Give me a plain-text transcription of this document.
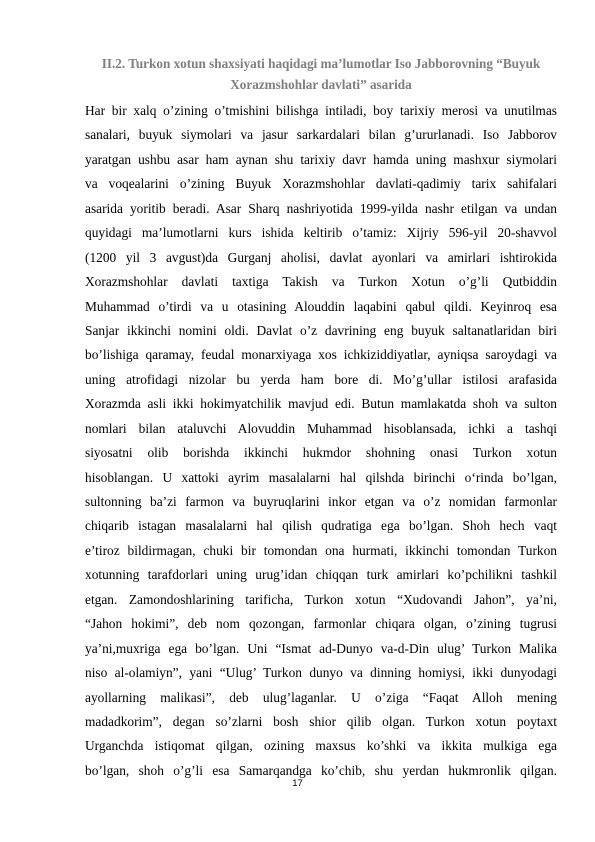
II.2. Turkon xotun shaxsiyati haqidagi ma’lumotlar Iso Jabborovning “Buyuk
Xorazmshohlar davlati” asarida
Har bir xalq o’zining o’tmishini bilishga intiladi, boy tarixiy merosi va unutilmas
sanalari, buyuk siymolari va jasur sarkardalari bilan g’ururlanadi. Iso Jabborov
yaratgan ushbu asar ham aynan shu tarixiy davr hamda uning mashxur siymolari
va voqealarini o’zining Buyuk Xorazmshohlar davlati-qadimiy tarix sahifalari
asarida yoritib beradi. Asar Sharq nashriyotida 1999-yilda nashr etilgan va undan
quyidagi ma’lumotlarni kurs ishida keltirib o’tamiz: Xijriy 596-yil 20-shavvol
(1200 yil 3 avgust)da Gurganj aholisi, davlat ayonlari va amirlari ishtirokida
Xorazmshohlar davlati taxtiga Takish va Turkon Xotun o’g’li Qutbiddin
Muhammad o’tirdi va u otasining Alouddin laqabini qabul qildi. Keyinroq esa
Sanjar ikkinchi nomini oldi. Davlat o’z davrining eng buyuk saltanatlaridan biri
bo’lishiga qaramay, feudal monarxiyaga xos ichkiziddiyatlar, ayniqsa saroydagi va
uning atrofidagi nizolar bu yerda ham bore di. Mo’g’ullar istilosi arafasida
Xorazmda asli ikki hokimyatchilik mavjud edi. Butun mamlakatda shoh va sulton
nomlari bilan ataluvchi Alovuddin Muhammad hisoblansada, ichki a tashqi
siyosatni olib borishda ikkinchi hukmdor shohning onasi Turkon xotun
hisoblangan. U xattoki ayrim masalalarni hal qilshda birinchi o‘rinda bo’lgan,
sultonning ba’zi farmon va buyruqlarini inkor etgan va o’z nomidan farmonlar
chiqarib istagan masalalarni hal qilish qudratiga ega bo’lgan. Shoh hech vaqt
e’tiroz bildirmagan, chuki bir tomondan ona hurmati, ikkinchi tomondan Turkon
xotunning tarafdorlari uning urug’idan chiqqan turk amirlari ko’pchilikni tashkil
etgan. Zamondoshlarining tarificha, Turkon xotun “Xudovandi Jahon”, ya’ni,
“Jahon hokimi”, deb nom qozongan, farmonlar chiqara olgan, o’zining tugrusi
ya’ni,muxriga ega bo’lgan. Uni “Ismat ad-Dunyo va-d-Din ulug’ Turkon Malika
niso al-olamiyn”, yani “Ulug’ Turkon dunyo va dinning homiysi, ikki dunyodagi
ayollarning malikasi”, deb ulug’laganlar. U o’ziga “Faqat Alloh mening
madadkorim”, degan so’zlarni bosh shior qilib olgan. Turkon xotun poytaxt
Urganchda istiqomat qilgan, ozining maxsus ko’shki va ikkita mulkiga ega
bo’lgan, shoh o’g’li esa Samarqandga ko’chib, shu yerdan hukmronlik qilgan.
17
